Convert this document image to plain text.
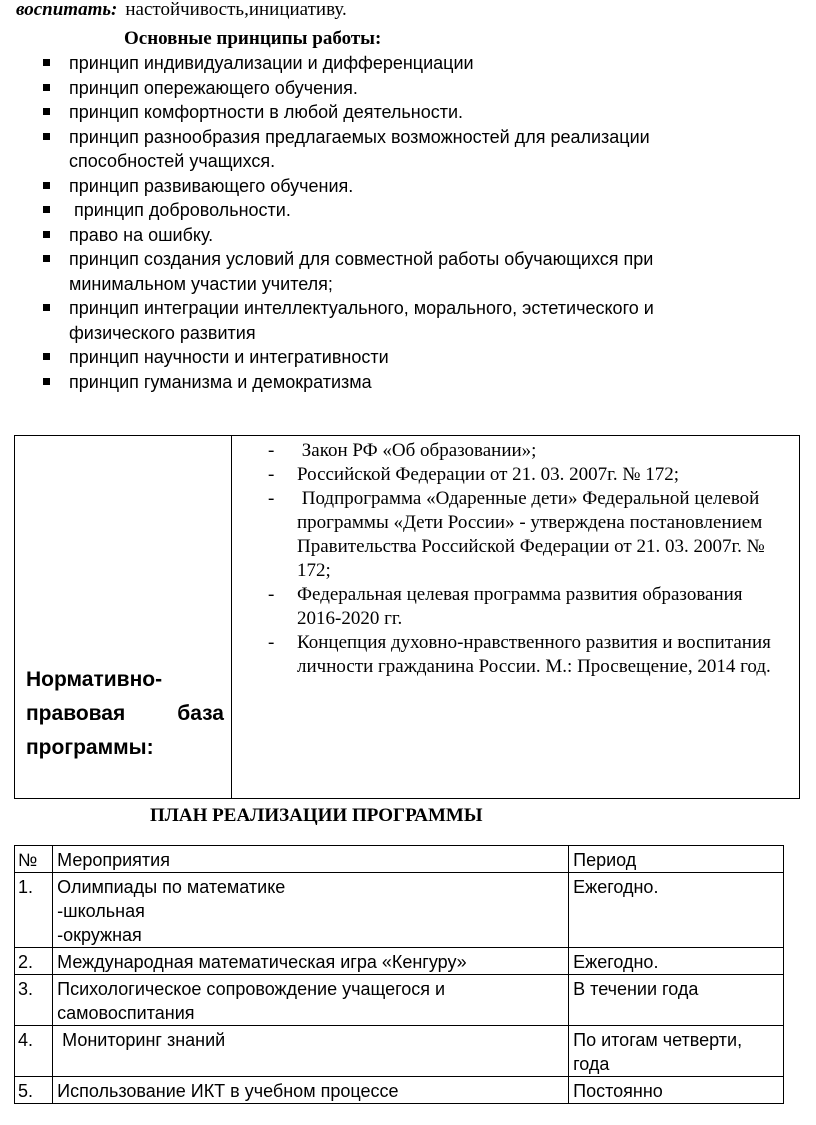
воспитать: настойчивость,инициативу.
Основные принципы работы:
принцип индивидуализации и дифференциации
принцип опережающего обучения.
принцип комфортности в любой деятельности.
принцип разнообразия предлагаемых возможностей для реализации способностей учащихся.
принцип развивающего обучения.
принцип добровольности.
право на ошибку.
принцип создания условий для совместной работы обучающихся при минимальном участии учителя;
принцип интеграции интеллектуального, морального, эстетического и физического развития
принцип научности и интегративности
принцип гуманизма и демократизма
Нормативно-
правовая база
программы:
- Закон РФ «Об образовании»;
- Российской Федерации от 21. 03. 2007г. № 172;
- Подпрограмма «Одаренные дети» Федеральной целевой программы «Дети России» - утверждена постановлением Правительства Российской Федерации от 21. 03. 2007г. № 172;
- Федеральная целевая программа развития образования 2016-2020 гг.
- Концепция духовно-нравственного развития и воспитания личности гражданина России. М.: Просвещение, 2014 год.
ПЛАН РЕАЛИЗАЦИИ ПРОГРАММЫ
№	Мероприятия	Период
1.	Олимпиады по математике
-школьная
-окружная	Ежегодно.
2.	Международная математическая игра «Кенгуру»	Ежегодно.
3.	Психологическое сопровождение учащегося и самовоспитания	В течении года
4.	Мониторинг знаний	По итогам четверти, года
5.	Использование ИКТ в учебном процессе	Постоянно
